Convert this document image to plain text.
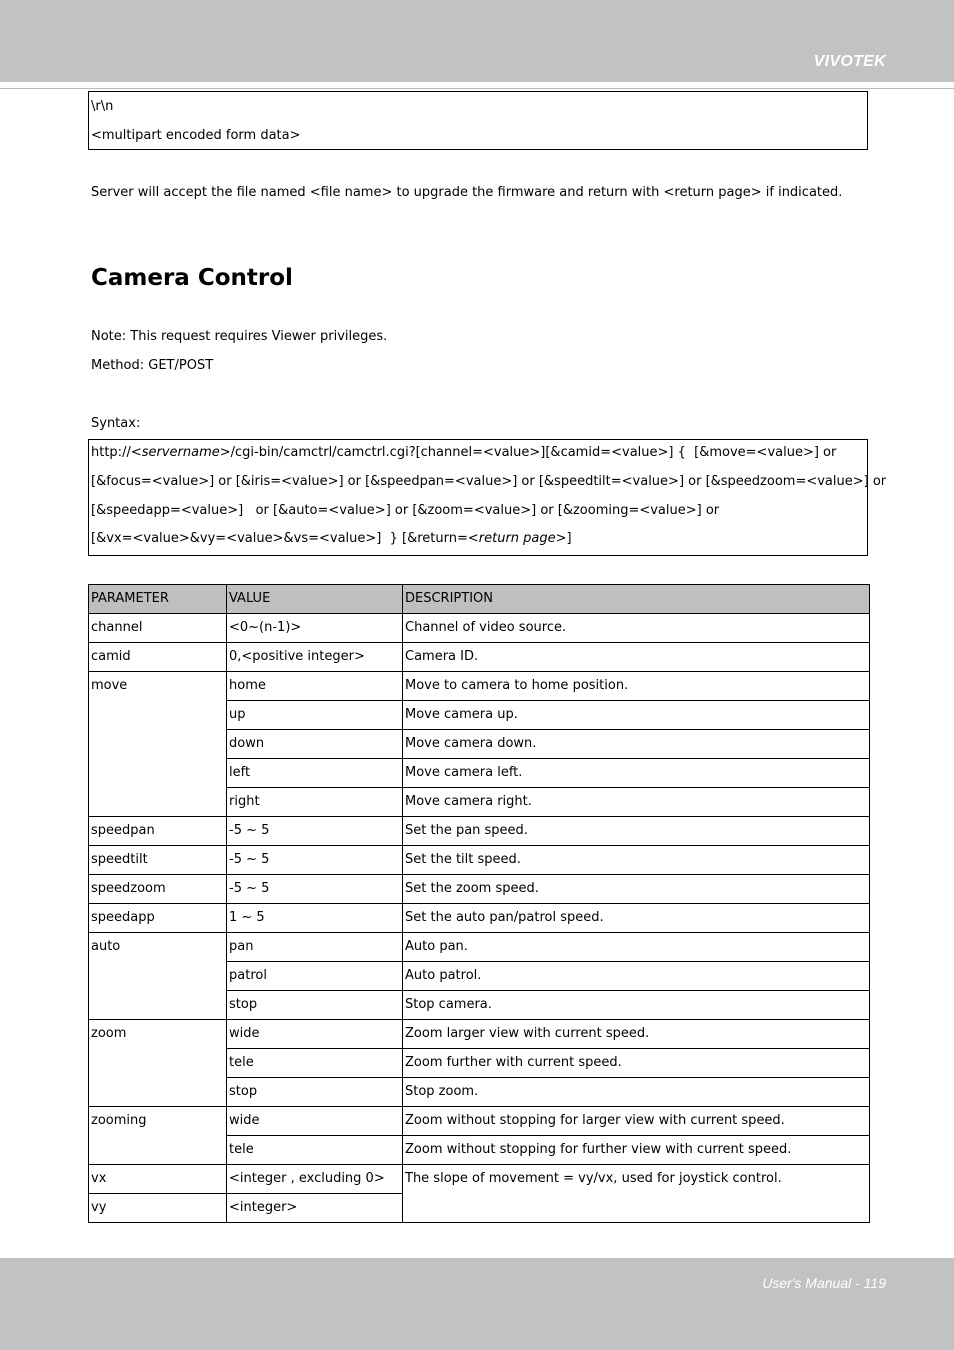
VIVOTEK
\r\n
<multipart encoded form data>
Server will accept the file named <file name> to upgrade the firmware and return with <return page> if indicated.
Camera Control
Note: This request requires Viewer privileges.
Method: GET/POST
Syntax:
http://<servername>/cgi-bin/camctrl/camctrl.cgi?[channel=<value>][&camid=<value>] {  [&move=<value>] or
[&focus=<value>] or [&iris=<value>] or [&speedpan=<value>] or [&speedtilt=<value>] or [&speedzoom=<value>] or
[&speedapp=<value>]   or [&auto=<value>] or [&zoom=<value>] or [&zooming=<value>] or
[&vx=<value>&vy=<value>&vs=<value>]  } [&return=<return page>]
PARAMETER	VALUE	DESCRIPTION
channel	<0~(n-1)>	Channel of video source.
camid	0,<positive integer>	Camera ID.
move	home	Move to camera to home position.
	up	Move camera up.
	down	Move camera down.
	left	Move camera left.
	right	Move camera right.
speedpan	-5 ~ 5	Set the pan speed.
speedtilt	-5 ~ 5	Set the tilt speed.
speedzoom	-5 ~ 5	Set the zoom speed.
speedapp	1 ~ 5	Set the auto pan/patrol speed.
auto	pan	Auto pan.
	patrol	Auto patrol.
	stop	Stop camera.
zoom	wide	Zoom larger view with current speed.
	tele	Zoom further with current speed.
	stop	Stop zoom.
zooming	wide	Zoom without stopping for larger view with current speed.
	tele	Zoom without stopping for further view with current speed.
vx	<integer , excluding 0>	The slope of movement = vy/vx, used for joystick control.
vy	<integer>	
User's Manual - 119
